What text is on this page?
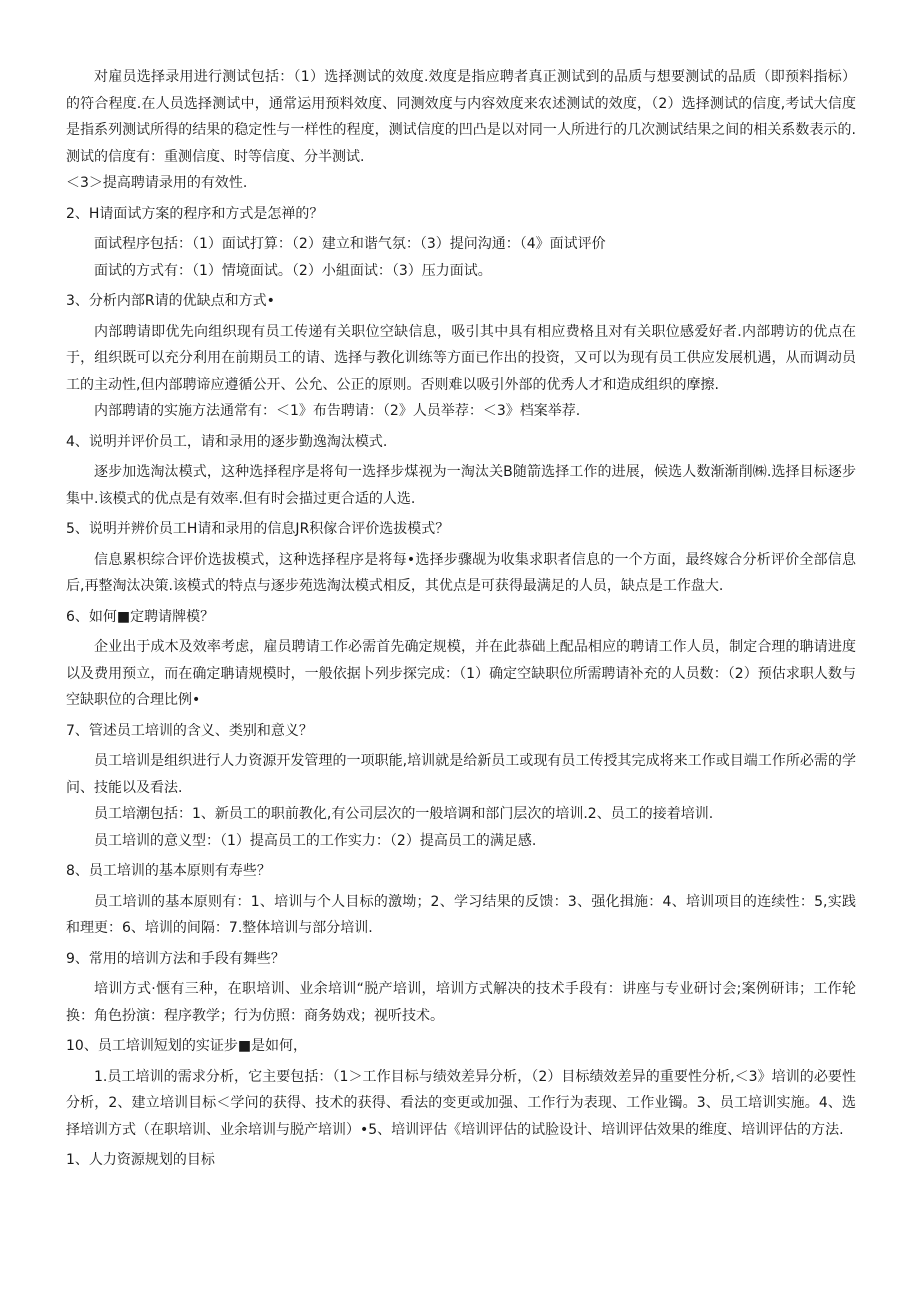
对雇员选择录用进行测试包括：（1）选择测试的效度.效度是指应聘者真正测试到的品质与想要测试的品质（即预料指标）的符合程度.在人员选择测试中，通常运用预料效度、同测效度与内容效度来农述测试的效度，（2）选择测试的信度,考试大信度是指系列测试所得的结果的稳定性与一样性的程度，测试信度的凹凸是以对同一人所进行的几次测试结果之间的相关系数表示的.测试的信度有：重测信度、时等信度、分半测试.

＜3＞提高聘请录用的有效性.

2、H请面试方案的程序和方式是怎禅的？

面试程序包括：（1）面试打算：（2）建立和谐气氛：（3）提问沟通：（4》面试评价

面试的方式有：（1）情境面试。（2）小組面试：（3）压力面试。

3、分析内部R请的优缺点和方式•

内部聘请即优先向组织现有员工传递有关职位空缺信息，吸引其中具有相应费格且对有关职位感爱好者.内部聘访的优点在于，组织既可以充分利用在前期员工的请、选择与教化训练等方面已作出的投资，又可以为现有员工供应发展机遇，从而调动员工的主动性,但内部聘谛应遵循公开、公允、公正的原则。否则难以吸引外部的优秀人才和造成组织的摩擦.

内部聘请的实施方法通常有：＜1》布告聘请：（2》人员举荐：＜3》档案举荐.

4、说明并评价员工，请和录用的逐步勤逸淘汰模式.

逐步加选淘汰模式，这种选择程序是将旬一选择步煤视为一淘汰关B随箭选择工作的进展，候选人数渐渐削㈱.选择目标逐步集中.该模式的优点是有效率.但有时会描过更合适的人选.

5、说明并辨价员工H请和录用的信息JR积傢合评价选拔模式？

信息累枳综合评价选拔模式，这种选择程序是将每•选择步骤觇为收集求职者信息的一个方面，最终嫁合分析评价全部信息后,再整淘汰决策.该模式的特点与逐步苑选淘汰模式相反，其优点是可获得最满足的人员，缺点是工作盘大.

6、如何■定聘请牌模？

企业出于成木及效率考虑，雇员聘请工作必需首先确定规模，并在此恭础上配品相应的聘请工作人员，制定合理的聃请进度以及费用预立，而在确定聃请规模时，一般依据卜列步探完成：（1）确定空缺职位所需聘请补充的人员数：（2）预估求职人数与空缺职位的合理比例•

7、管述员工培训的含义、类别和意义？

员工培训是组织进行人力资源开发管理的一项职能,培训就是给新员工或现有员工传授其完成将来工作或目端工作所必需的学问、技能以及看法.

员工培潮包括：1、新员工的职前教化,有公司层次的一般培调和部门层次的培训.2、员工的接着培训.

员工培训的意义型：（1）提高员工的工作实力：（2）提高员工的满足感.

8、员工培训的基本原则有寿些？

员工培训的基本原则有：1、培训与个人目标的激坳；2、学习结果的反馈：3、强化揖施：4、培训项目的连续性：5,实践和理更：6、培训的间隔：7.整体培训与部分培训.

9、常用的培训方法和手段有舞些？

培训方式·惬有三种，在职培训、业余培训“脱产培训，培训方式解决的技术手段有：讲座与专业研讨会;案例研讳；工作轮换：角色扮演：程序教学；行为仿照：商务妫戏；视听技术。

10、员工培训短划的实证步■是如何，

1.员工培训的需求分析，它主要包括：（1＞工作目标与绩效差异分析，（2）目标绩效差异的重要性分析,＜3》培训的必要性分析，2、建立培训目标＜学问的获得、技术的获得、看法的变更或加强、工作行为表现、工作业镯。3、员工培训实施。4、选择培训方式（在职培训、业余培训与脱产培训）•5、培训评估《培训评估的试脸设计、培训评估效果的维度、培训评估的方法.

1、人力资源规划的目标
